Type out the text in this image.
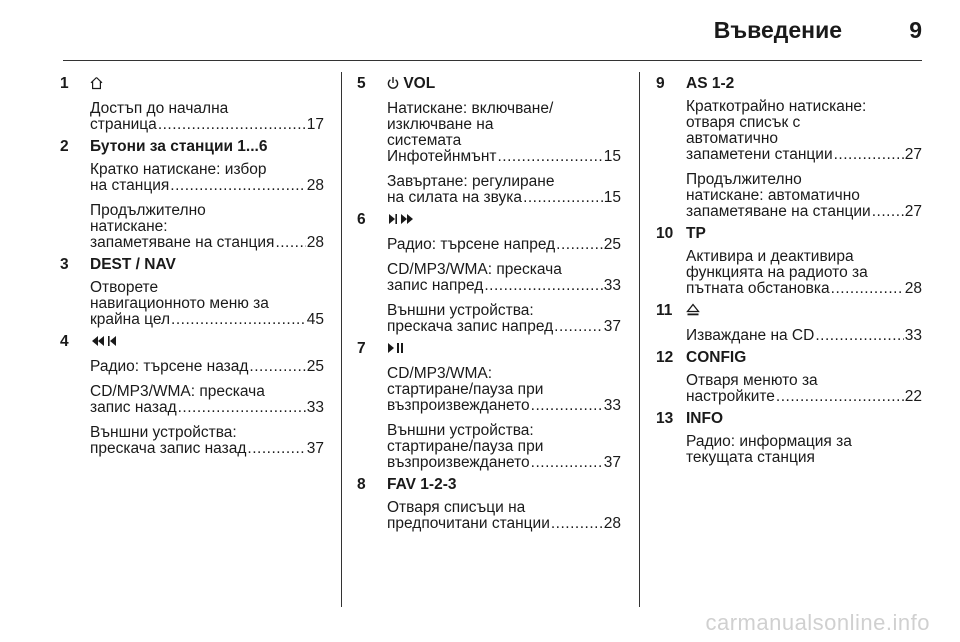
Въведение	9
1
Достъп до начална
страница .....	17
2 Бутони за станции 1...6
Кратко натискане: избор
на станция .....	28
Продължително
натискане:
запаметяване на станция ..... 28
3 DEST / NAV
Отворете
навигационното меню за
крайна цел .....	45
4
Радио: търсене назад .....	25
CD/MP3/WMA: прескача
запис назад .....	33
Външни устройства:
прескача запис назад .....	37
5	VOL
Натискане: включване/
изключване на
системата
Инфотейнмънт .....	15
Завъртане: регулиране
на силата на звука .....	15
6
Радио: търсене напред .....	25
CD/MP3/WMA: прескача
запис напред .....	33
Външни устройства:
прескача запис напред .....	37
7
CD/MP3/WMA:
стартиране/пауза при
възпроизвеждането .....	33
Външни устройства:
стартиране/пауза при
възпроизвеждането .....	37
8 FAV 1-2-3
Отваря списъци на
предпочитани станции .....	28
9 AS 1-2
Краткотрайно натискане:
отваря списък с
автоматично
запаметени станции .....	27
Продължително
натискане: автоматично
запаметяване на станции ..... 27
10 TP
Активира и деактивира
функцията на радиото за
пътната обстановка .....	28
11
Изваждане на CD .....	33
12 CONFIG
Отваря менюто за
настройките .....	22
13 INFO
Радио: информация за
текущата станция
carmanualsonline.info
